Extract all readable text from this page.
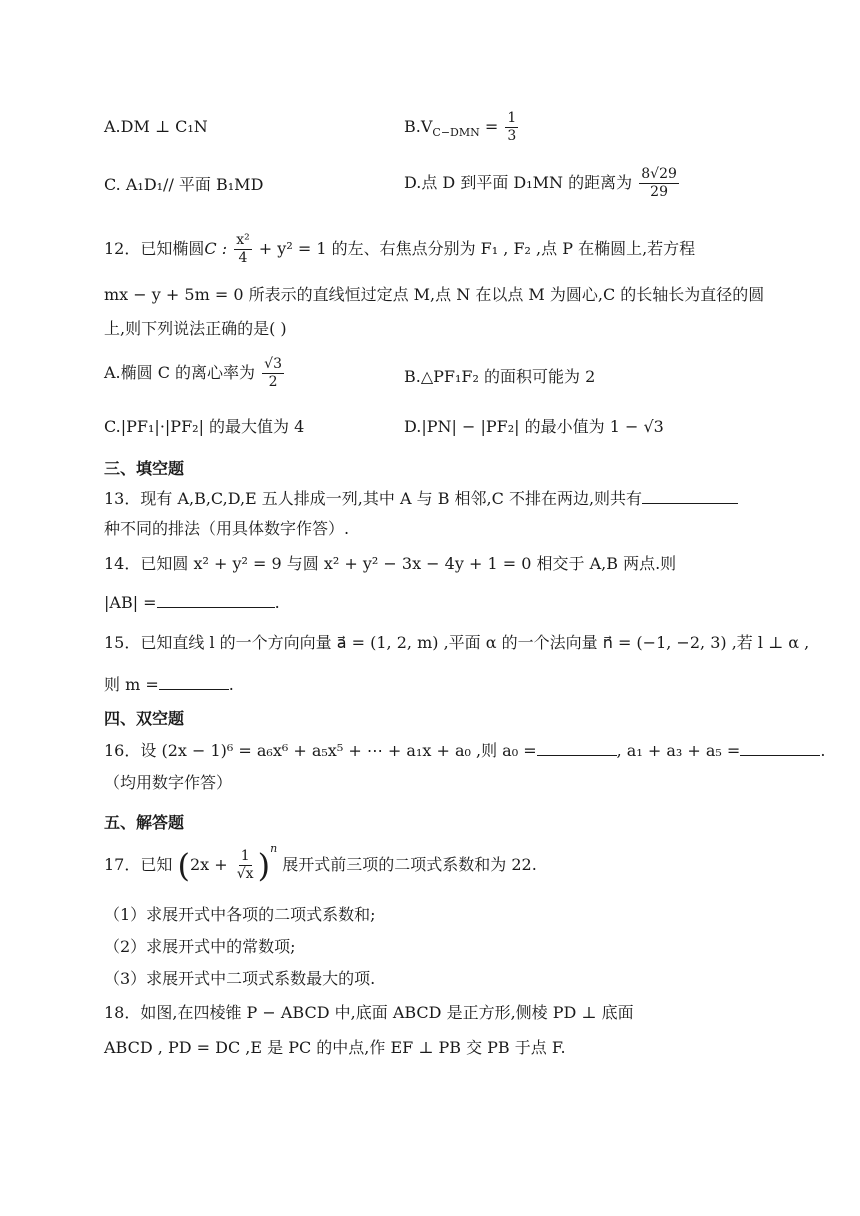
A.DM ⊥ C₁N	$B.V_{C-DMN} = \frac{1}{3}$
C. A₁D₁// 平面 B₁MD	D.点 D 到平面 D₁MN 的距离为 $\frac{8√29}{29}$
12．已知椭圆C : $\frac{\text{x²}}{4} + y^2 = 1$ 的左、右焦点分别为 F₁ , F₂ ,点 P 在椭圆上,若方程
mx − y + 5m = 0 所表示的直线恒过定点 M,点 N 在以点 M 为圆心,C 的长轴长为直径的圆
上,则下列说法正确的是( )
A.椭圆 C 的离心率为 $\frac{√3}{2}$	B.△PF₁F₂ 的面积可能为 2
C.|PF₁|·|PF₂| 的最大值为 4	D.|PN| − |PF₂| 的最小值为 1 − √3
三、填空题
13．现有 A,B,C,D,E 五人排成一列,其中 A 与 B 相邻,C 不排在两边,则共有
种不同的排法（用具体数字作答）.
14．已知圆 x² + y² = 9 与圆 x² + y² − 3x − 4y + 1 = 0 相交于 A,B 两点.则
|AB| =	.
15．已知直线 l 的一个方向向量 a⃗ = (1, 2, m) ,平面 α 的一个法向量 n⃗ = (−1, −2, 3) ,若 l ⊥ α ,
则 m =	.
四、双空题
16．设 (2x − 1)⁶ = a₆x⁶ + a₅x⁵ + ⋯ + a₁x + a₀ ,则 a₀ =	, a₁ + a₃ + a₅ =	.
（均用数字作答）
五、解答题
17．已知 $(2x + \frac{1}{√x} )^n$ 展开式前三项的二项式系数和为 22.
（1）求展开式中各项的二项式系数和;
（2）求展开式中的常数项;
（3）求展开式中二项式系数最大的项.
18．如图,在四棱锥 P − ABCD 中,底面 ABCD 是正方形,侧棱 PD ⊥ 底面
ABCD , PD = DC ,E 是 PC 的中点,作 EF ⊥ PB 交 PB 于点 F.
